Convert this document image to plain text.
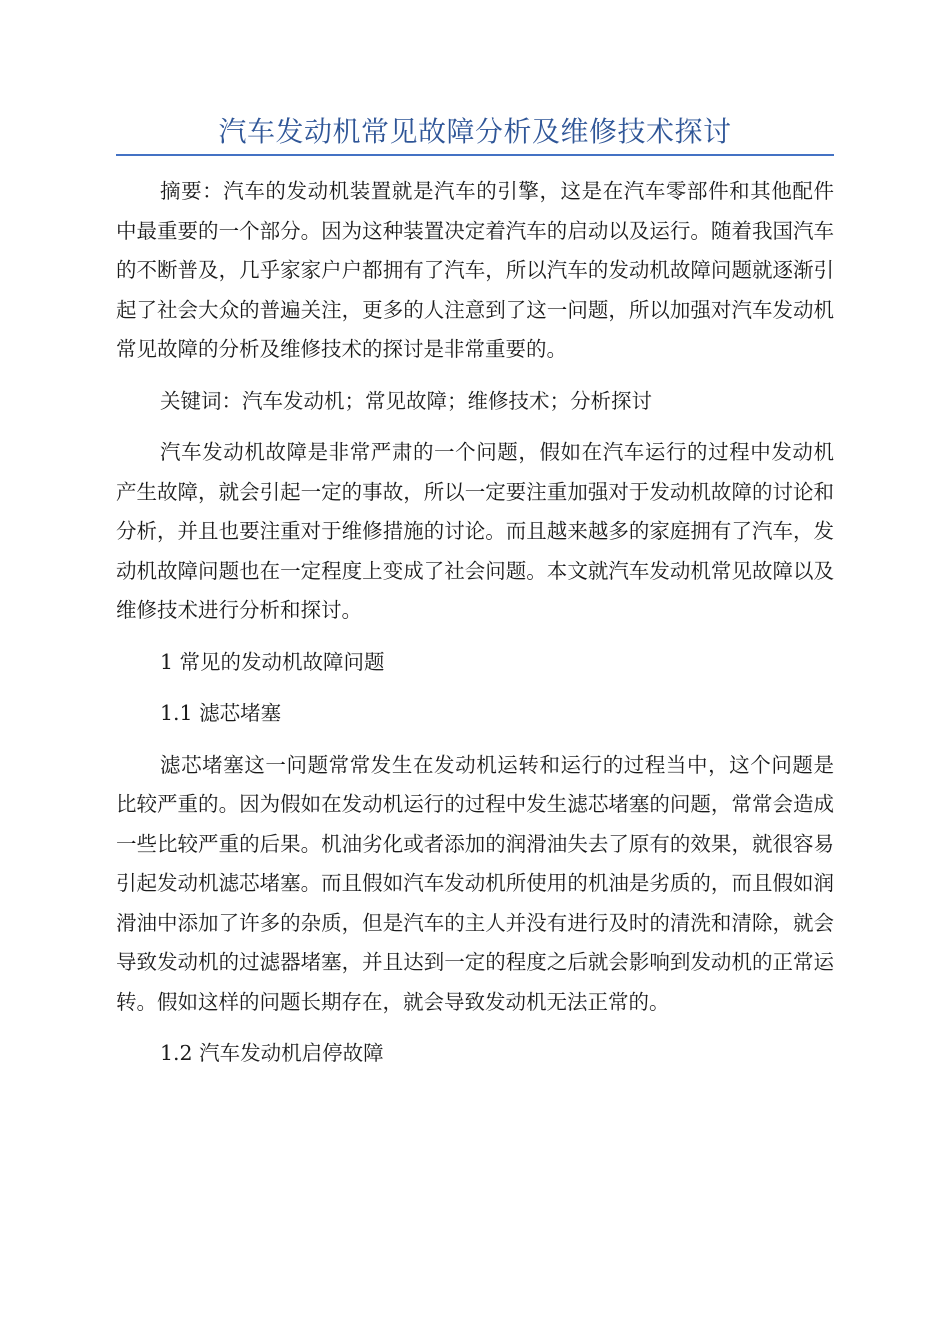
汽车发动机常见故障分析及维修技术探讨

摘要：汽车的发动机装置就是汽车的引擎，这是在汽车零部件和其他配件中最重要的一个部分。因为这种装置决定着汽车的启动以及运行。随着我国汽车的不断普及，几乎家家户户都拥有了汽车，所以汽车的发动机故障问题就逐渐引起了社会大众的普遍关注，更多的人注意到了这一问题，所以加强对汽车发动机常见故障的分析及维修技术的探讨是非常重要的。

关键词：汽车发动机；常见故障；维修技术；分析探讨

汽车发动机故障是非常严肃的一个问题，假如在汽车运行的过程中发动机产生故障，就会引起一定的事故，所以一定要注重加强对于发动机故障的讨论和分析，并且也要注重对于维修措施的讨论。而且越来越多的家庭拥有了汽车，发动机故障问题也在一定程度上变成了社会问题。本文就汽车发动机常见故障以及维修技术进行分析和探讨。

1 常见的发动机故障问题

1.1 滤芯堵塞

滤芯堵塞这一问题常常发生在发动机运转和运行的过程当中，这个问题是比较严重的。因为假如在发动机运行的过程中发生滤芯堵塞的问题，常常会造成一些比较严重的后果。机油劣化或者添加的润滑油失去了原有的效果，就很容易引起发动机滤芯堵塞。而且假如汽车发动机所使用的机油是劣质的，而且假如润滑油中添加了许多的杂质，但是汽车的主人并没有进行及时的清洗和清除，就会导致发动机的过滤器堵塞，并且达到一定的程度之后就会影响到发动机的正常运转。假如这样的问题长期存在，就会导致发动机无法正常的。

1.2 汽车发动机启停故障
